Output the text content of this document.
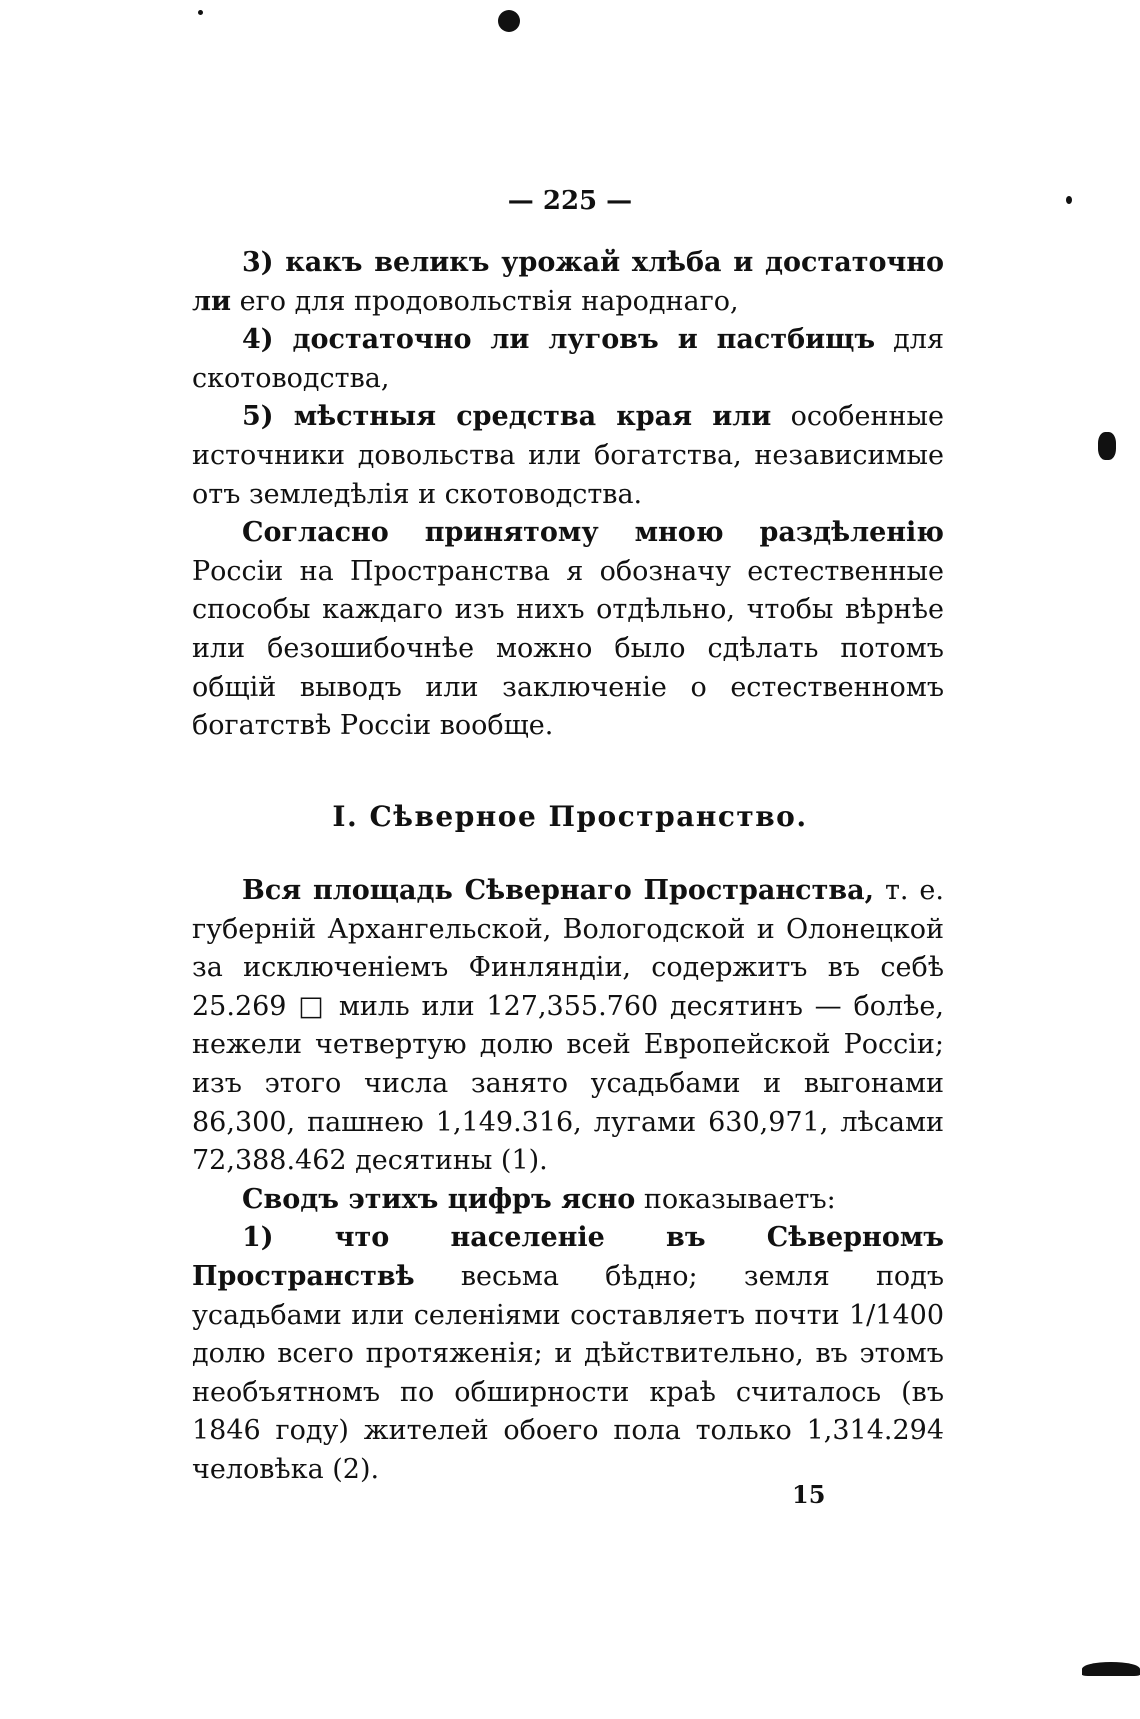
— 225 —

3) какъ великъ урожай хлѣба и достаточно ли его для продовольствія народнаго,

4) достаточно ли луговъ и пастбищъ для скотоводства,

5) мѣстныя средства края или особенные источники довольства или богатства, независимые отъ земледѣлія и скотоводства.

Согласно принятому мною раздѣленію Россіи на Пространства я обозначу естественные способы каждаго изъ нихъ отдѣльно, чтобы вѣрнѣе или безошибочнѣе можно было сдѣлать потомъ общій выводъ или заключеніе о естественномъ богатствѣ Россіи вообще.

I. Сѣверное Пространство.

Вся площадь Сѣвернаго Пространства, т. е. губерній Архангельской, Вологодской и Олонецкой за исключеніемъ Финляндіи, содержитъ въ себѣ 25.269 □ миль или 127,355.760 десятинъ — болѣе, нежели четвертую долю всей Европейской Россіи; изъ этого числа занято усадьбами и выгонами 86,300, пашнею 1,149.316, лугами 630,971, лѣсами 72,388.462 десятины (1).

Сводъ этихъ цифръ ясно показываетъ:

1) что населеніе въ Сѣверномъ Пространствѣ весьма бѣдно; земля подъ усадьбами или селеніями составляетъ почти 1/1400 долю всего протяженія; и дѣйствительно, въ этомъ необъятномъ по обширности краѣ считалось (въ 1846 году) жителей обоего пола только 1,314.294 человѣка (2).

15
